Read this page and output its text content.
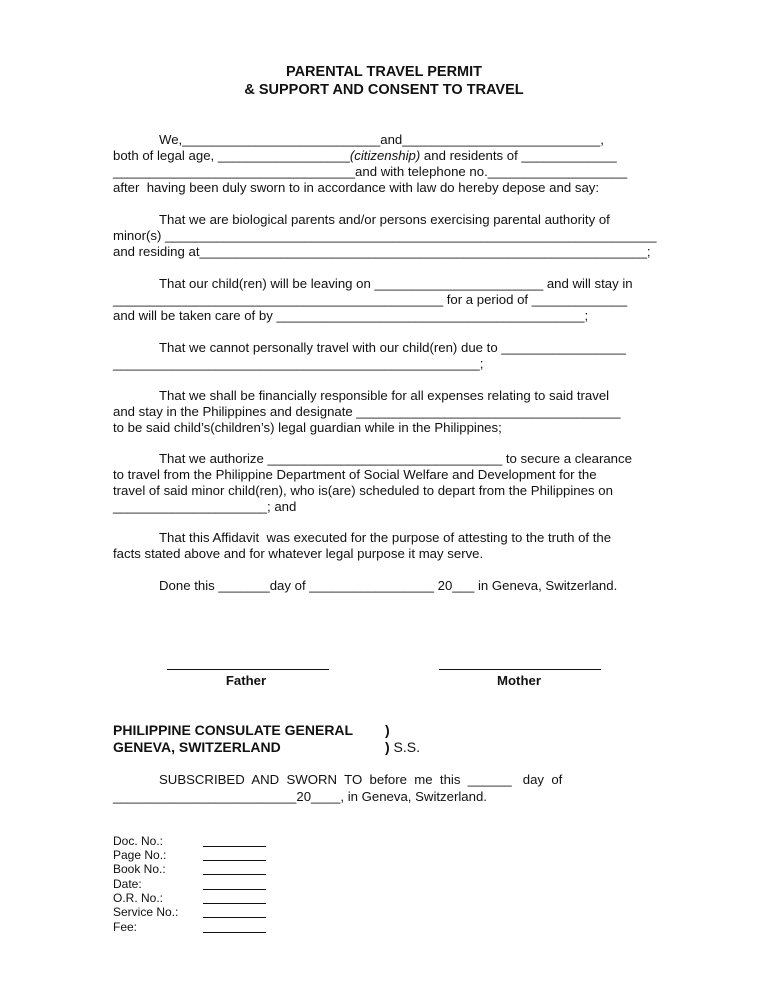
PARENTAL TRAVEL PERMIT

& SUPPORT AND CONSENT TO TRAVEL

We,___________________________and___________________________,

both of legal age, __________________(citizenship) and residents of _____________

_________________________________and with telephone no.___________________

after  having been duly sworn to in accordance with law do hereby depose and say:

That we are biological parents and/or persons exercising parental authority of

minor(s) ___________________________________________________________________

and residing at_____________________________________________________________;

That our child(ren) will be leaving on _______________________ and will stay in

_____________________________________________ for a period of _____________

and will be taken care of by __________________________________________;

That we cannot personally travel with our child(ren) due to _________________

__________________________________________________;

That we shall be financially responsible for all expenses relating to said travel

and stay in the Philippines and designate ____________________________________

to be said child’s(children’s) legal guardian while in the Philippines;

That we authorize ________________________________ to secure a clearance

to travel from the Philippine Department of Social Welfare and Development for the

travel of said minor child(ren), who is(are) scheduled to depart from the Philippines on

_____________________; and

That this Affidavit  was executed for the purpose of attesting to the truth of the

facts stated above and for whatever legal purpose it may serve.

Done this _______day of _________________ 20___ in Geneva, Switzerland.

Father	Mother

PHILIPPINE CONSULATE GENERAL

GENEVA, SWITZERLAND

)
) S.S.

SUBSCRIBED  AND  SWORN  TO  before  me  this  ______   day  of

_________________________20____, in Geneva, Switzerland.

Doc. No.:
Page No.:
Book No.:
Date:
O.R. No.:
Service No.:
Fee:
